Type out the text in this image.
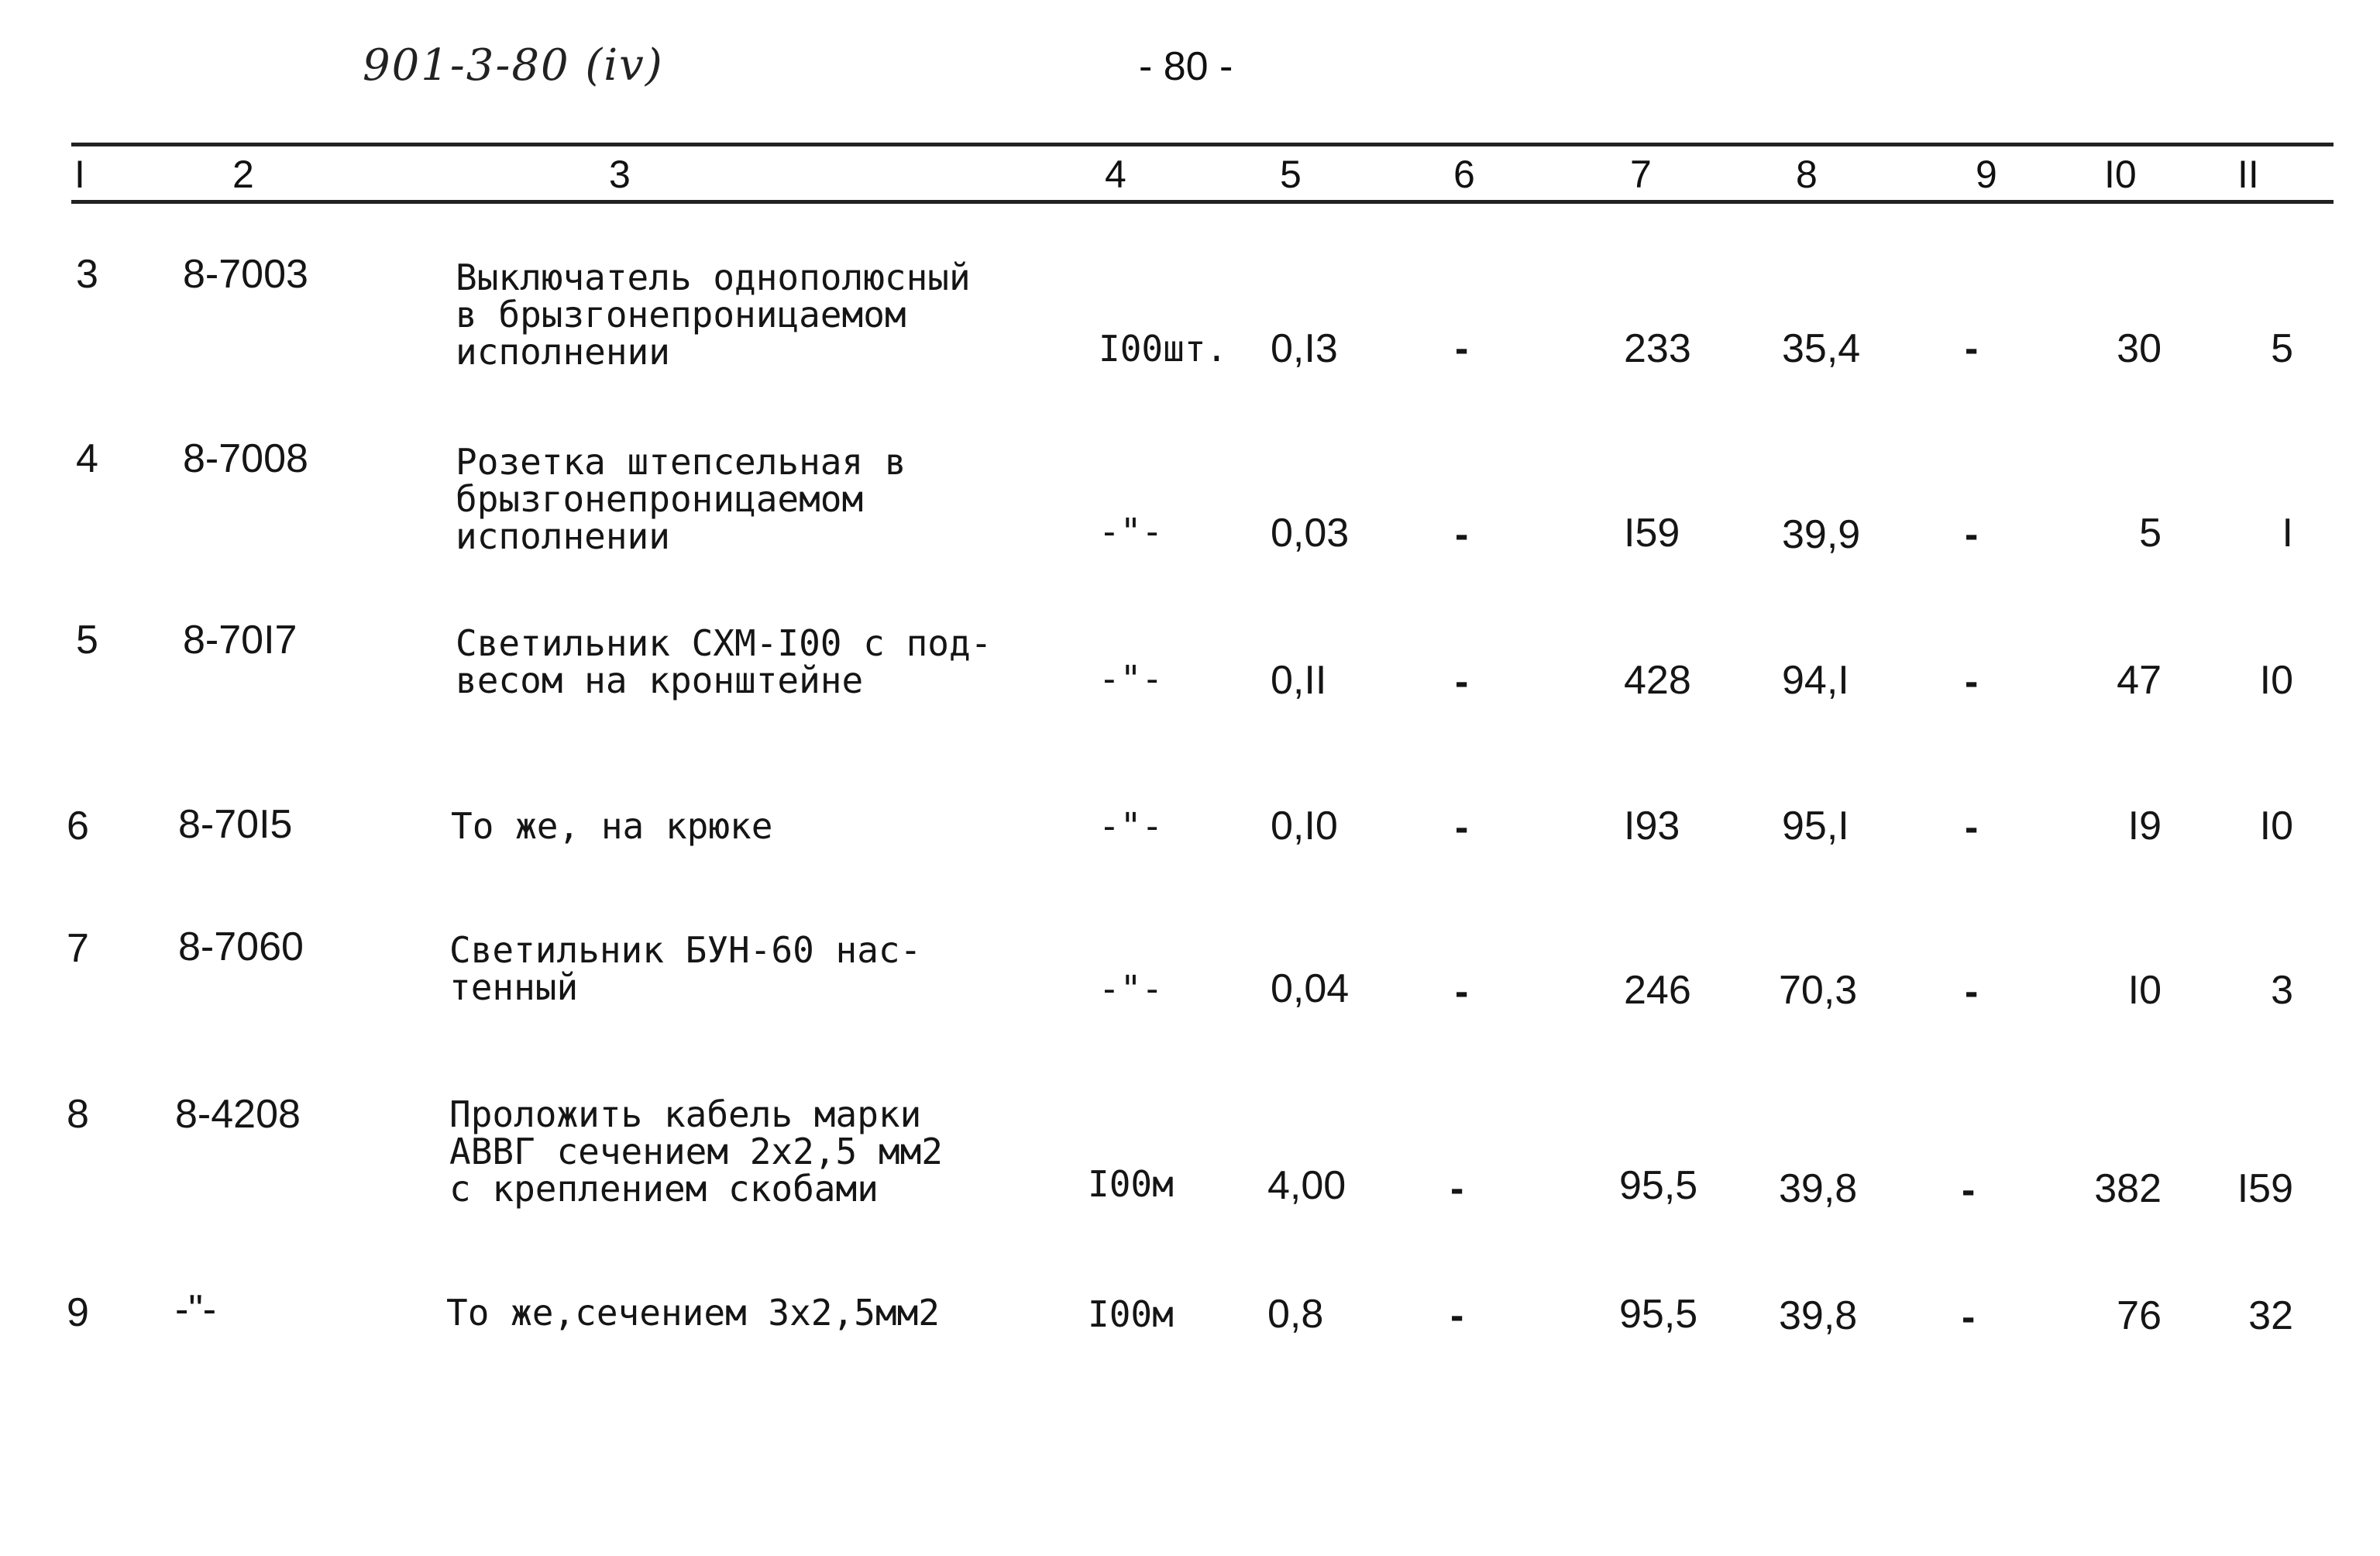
901-3-80 (iv)	- 80 -
I	2	3	4	5	6	7	8	9	I0	II
3 8-7003	Выключатель однополюсный
в брызгонепроницаемом
исполнении	I00шт. 0,I3	-	233 35,4	-	30	5
4 8-7008	Розетка штепсельная в
брызгонепроницаемом
исполнении	-"-	0,03	-	I59	39,9	-	5	I
5 8-70I7	Светильник СХМ-I00 с под-
весом на кронштейне	-"-	0,II	-	428 94,I	-	47	I0
6 8-70I5	То же, на крюке	-"-	0,I0	-	I93	95,I	-	I9	I0
7 8-7060	Светильник БУН-60 нас-
тенный	-"-	0,04	-	246 70,3	-	I0	3
8 8-4208	Проложить кабель марки
АВВГ сечением 2х2,5 мм2
с креплением скобами	I00м 4,00	-	95,5 39,8	-	382	I59
9 -"-	То же,сечением 3х2,5мм2	I00м 0,8	-	95,5 39,8	-	76	32
